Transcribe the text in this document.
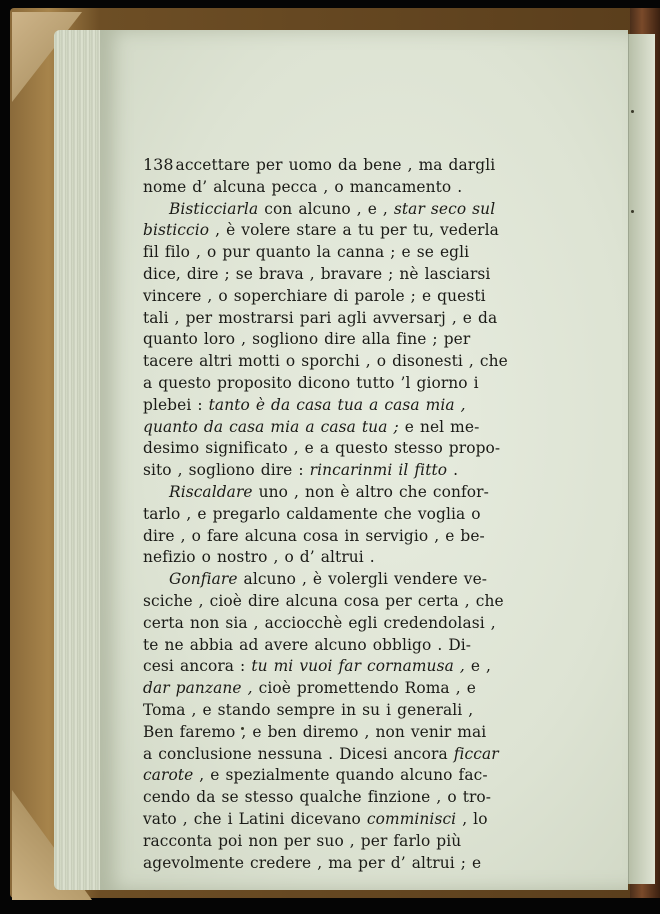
138 accettare per uomo da bene , ma dargli
nome d’ alcuna pecca , o mancamento .
Bisticciarla con alcuno , e , star seco sul
bisticcio , è volere stare a tu per tu, vederla
fil filo , o pur quanto la canna ; e se egli
dice, dire ; se brava , bravare ; nè lasciarsi
vincere , o soperchiare di parole ; e questi
tali , per mostrarsi pari agli avversarj , e da
quanto loro , sogliono dire alla fine ; per
tacere altri motti o sporchi , o disonesti , che
a questo proposito dicono tutto ’l giorno i
plebei : tanto è da casa tua a casa mia ,
quanto da casa mia a casa tua ; e nel me-
desimo significato , e a questo stesso propo-
sito , sogliono dire : rincarinmi il fitto .
Riscaldare uno , non è altro che confor-
tarlo , e pregarlo caldamente che voglia o
dire , o fare alcuna cosa in servigio , e be-
nefizio o nostro , o d’ altrui .
Gonfiare alcuno , è volergli vendere ve-
sciche , cioè dire alcuna cosa per certa , che
certa non sia , acciocchè egli credendolasi ,
te ne abbia ad avere alcuno obbligo . Di-
cesi ancora : tu mi vuoi far cornamusa , e ,
dar panzane , cioè promettendo Roma , e
Toma , e stando sempre in su i generali ,
Ben faremo , e ben diremo , non venir mai
a conclusione nessuna . Dicesi ancora ficcar
carote , e spezialmente quando alcuno fac-
cendo da se stesso qualche finzione , o tro-
vato , che i Latini dicevano comminisci , lo
racconta poi non per suo , per farlo più
agevolmente credere , ma per d’ altrui ; e
